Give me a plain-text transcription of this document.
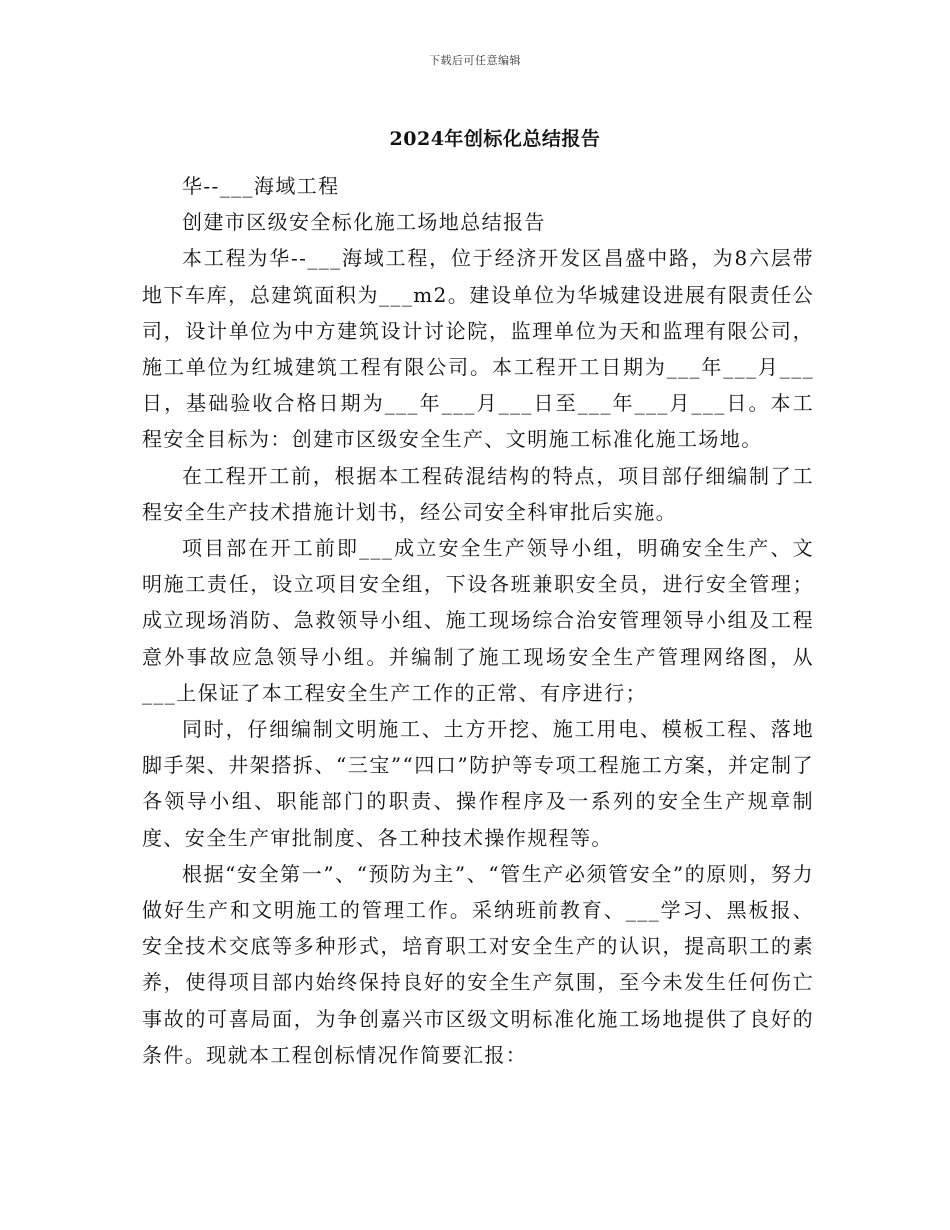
下载后可任意编辑
2024年创标化总结报告

华--___海域工程

创建市区级安全标化施工场地总结报告

本工程为华--___海域工程，位于经济开发区昌盛中路，为8六层带地下车库，总建筑面积为___m2。建设单位为华城建设进展有限责任公司，设计单位为中方建筑设计讨论院，监理单位为天和监理有限公司，施工单位为红城建筑工程有限公司。本工程开工日期为___年___月___日，基础验收合格日期为___年___月___日至___年___月___日。本工程安全目标为：创建市区级安全生产、文明施工标准化施工场地。

在工程开工前，根据本工程砖混结构的特点，项目部仔细编制了工程安全生产技术措施计划书，经公司安全科审批后实施。

项目部在开工前即___成立安全生产领导小组，明确安全生产、文明施工责任，设立项目安全组，下设各班兼职安全员，进行安全管理；成立现场消防、急救领导小组、施工现场综合治安管理领导小组及工程意外事故应急领导小组。并编制了施工现场安全生产管理网络图，从___上保证了本工程安全生产工作的正常、有序进行；

同时，仔细编制文明施工、土方开挖、施工用电、模板工程、落地脚手架、井架搭拆、“三宝”“四口”防护等专项工程施工方案，并定制了各领导小组、职能部门的职责、操作程序及一系列的安全生产规章制度、安全生产审批制度、各工种技术操作规程等。

根据“安全第一”、“预防为主”、“管生产必须管安全”的原则，努力做好生产和文明施工的管理工作。采纳班前教育、___学习、黑板报、安全技术交底等多种形式，培育职工对安全生产的认识，提高职工的素养，使得项目部内始终保持良好的安全生产氛围，至今未发生任何伤亡事故的可喜局面，为争创嘉兴市区级文明标准化施工场地提供了良好的条件。现就本工程创标情况作简要汇报：
